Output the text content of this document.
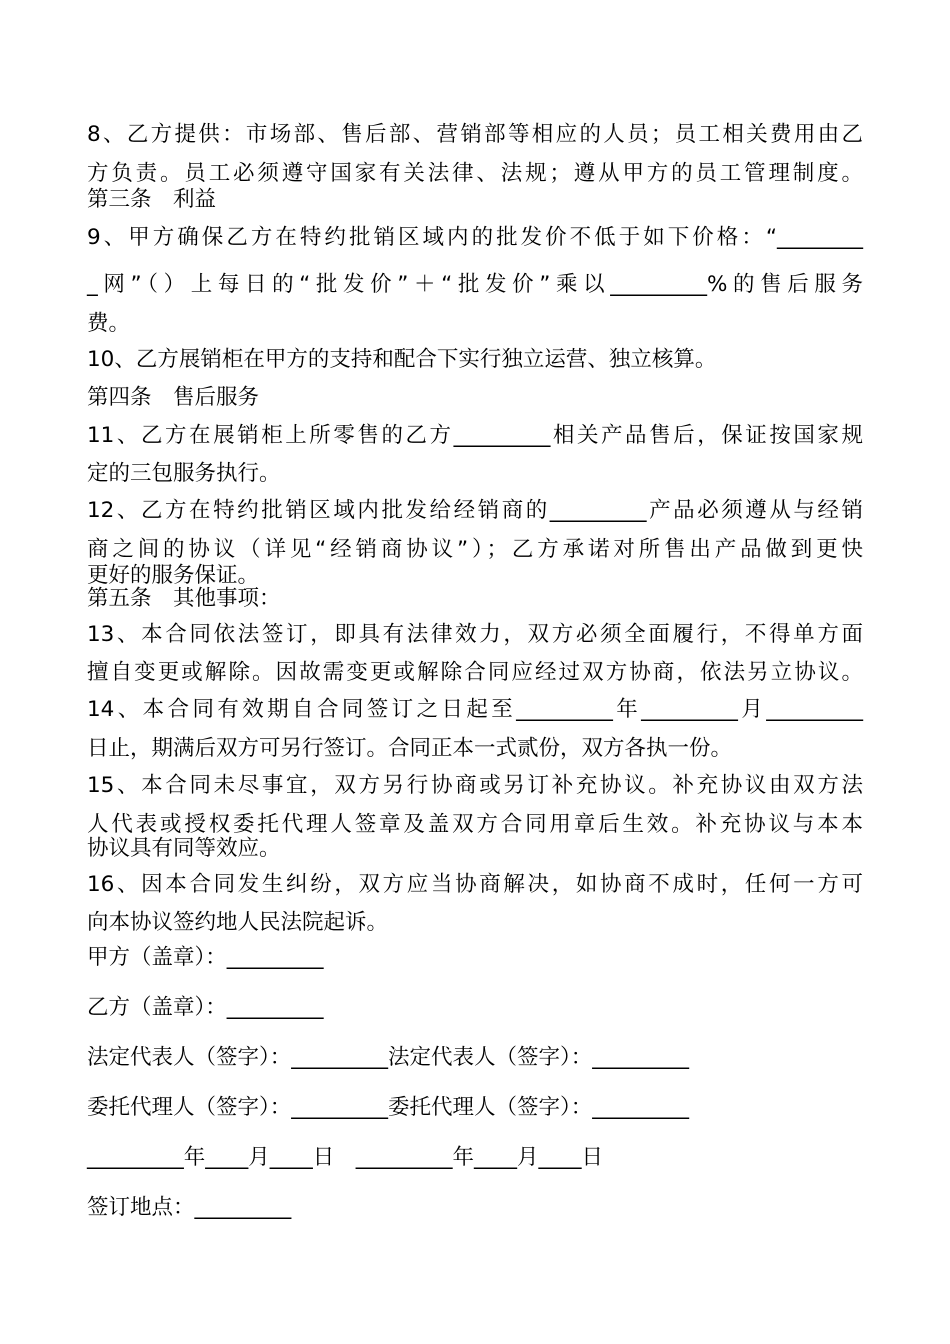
8、乙方提供：市场部、售后部、营销部等相应的人员；员工相关费用由乙
方负责。员工必须遵守国家有关法律、法规；遵从甲方的员工管理制度。
第三条　利益
9、甲方确保乙方在特约批销区域内的批发价不低于如下价格：“________
_网”（）上每日的“批发价”＋“批发价”乘以_________%的售后服务
费。
10、乙方展销柜在甲方的支持和配合下实行独立运营、独立核算。
第四条　售后服务
11、乙方在展销柜上所零售的乙方_________相关产品售后，保证按国家规
定的三包服务执行。
12、乙方在特约批销区域内批发给经销商的_________产品必须遵从与经销
商之间的协议（详见“经销商协议”）；乙方承诺对所售出产品做到更快
更好的服务保证。
第五条　其他事项：
13、本合同依法签订，即具有法律效力，双方必须全面履行，不得单方面
擅自变更或解除。因故需变更或解除合同应经过双方协商，依法另立协议。
14、本合同有效期自合同签订之日起至_________年_________月_________
日止，期满后双方可另行签订。合同正本一式贰份，双方各执一份。
15、本合同未尽事宜，双方另行协商或另订补充协议。补充协议由双方法
人代表或授权委托代理人签章及盖双方合同用章后生效。补充协议与本本
协议具有同等效应。
16、因本合同发生纠纷，双方应当协商解决，如协商不成时，任何一方可
向本协议签约地人民法院起诉。
甲方（盖章）：_________
乙方（盖章）：_________
法定代表人（签字）：_________法定代表人（签字）：_________
委托代理人（签字）：_________委托代理人（签字）：_________
_________年____月____日　_________年____月____日
签订地点：_________
